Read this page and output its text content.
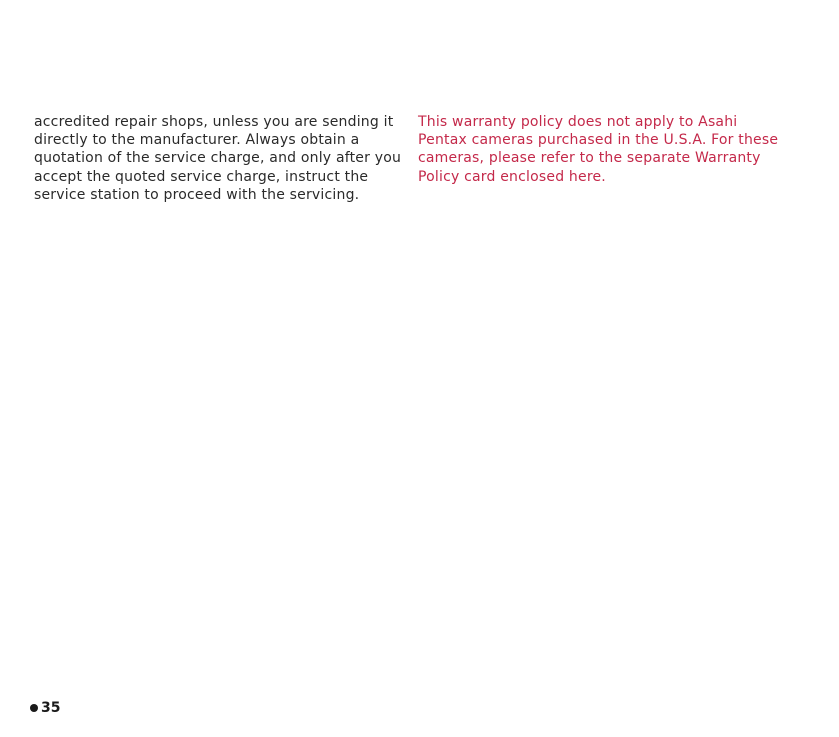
accredited repair shops, unless you are sending it
directly to the manufacturer. Always obtain a
quotation of the service charge, and only after you
accept the quoted service charge, instruct the
service station to proceed with the servicing.
This warranty policy does not apply to Asahi
Pentax cameras purchased in the U.S.A. For these
cameras, please refer to the separate Warranty
Policy card enclosed here.
35
